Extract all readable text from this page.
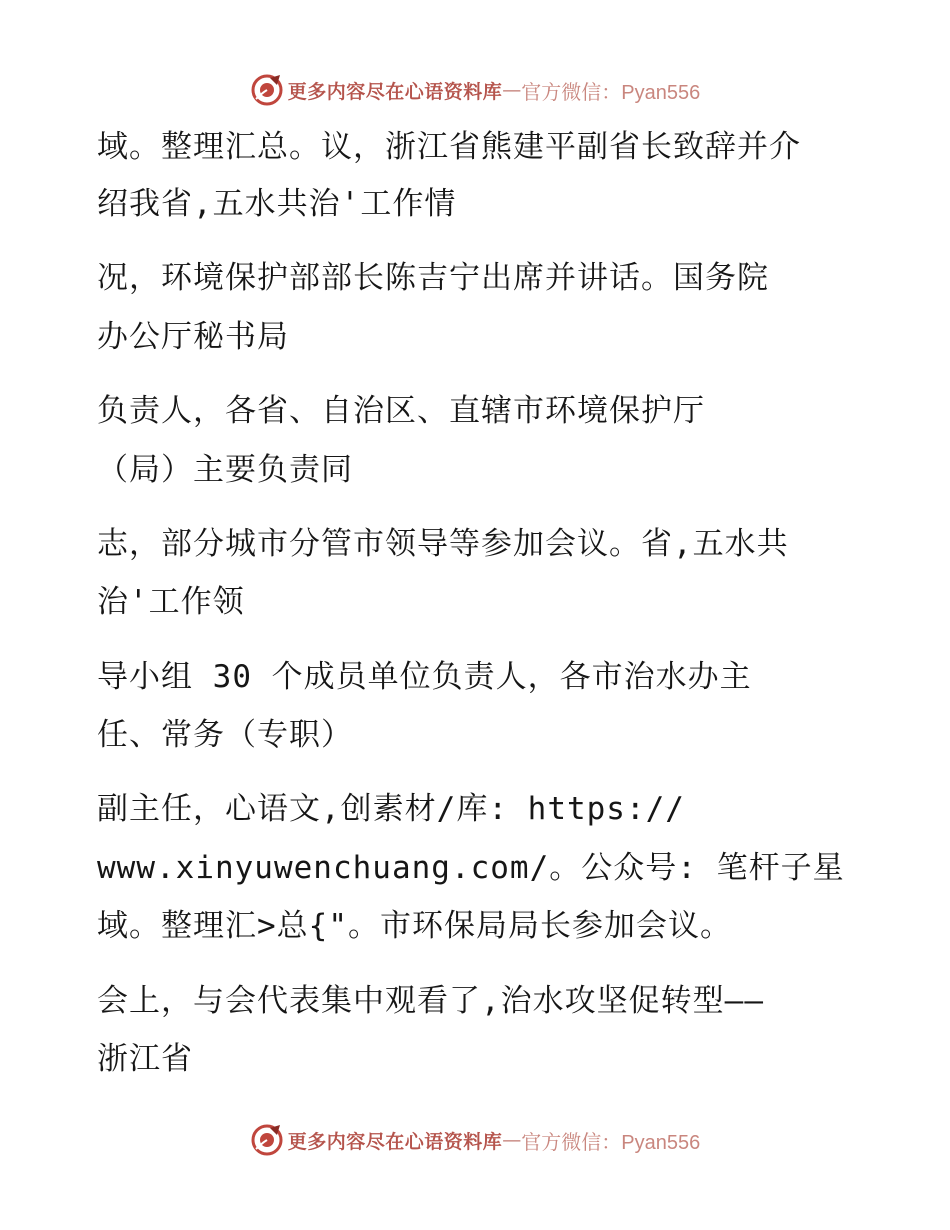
更多内容尽在心语资料库 — 官方微信：Pyan556

域。整理汇总。议，浙江省熊建平副省长致辞并介

绍我省,五水共治'工作情

况，环境保护部部长陈吉宁出席并讲话。国务院

办公厅秘书局

负责人，各省、自治区、直辖市环境保护厅

（局）主要负责同

志，部分城市分管市领导等参加会议。省,五水共

治'工作领

导小组 30 个成员单位负责人，各市治水办主

任、常务（专职）

副主任，心语文,创素材/库: https://

www.xinyuwenchuang.com/。公众号: 笔杆子星

域。整理汇>总{"。市环保局局长参加会议。

会上，与会代表集中观看了,治水攻坚促转型——

浙江省

更多内容尽在心语资料库 — 官方微信：Pyan556
